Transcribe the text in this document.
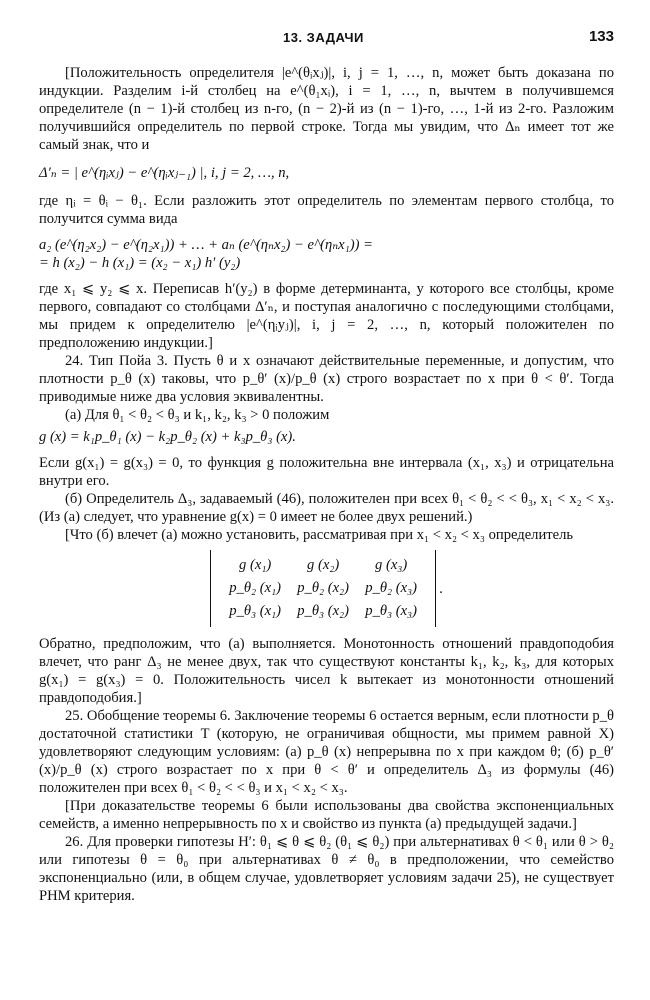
13. ЗАДАЧИ	133

[Положительность определителя |e^(θᵢxⱼ)|, i, j = 1, …, n, может быть доказана по индукции. Разделим i-й столбец на e^(θ₁xᵢ), i = 1, …, n, вычтем в получившемся определителе (n − 1)-й столбец из n-го, (n − 2)-й из (n − 1)-го, …, 1-й из 2-го. Разложим получившийся определитель по первой строке. Тогда мы увидим, что Δₙ имеет тот же самый знак, что и

Δ′ₙ = | e^(ηᵢxⱼ) − e^(ηᵢxⱼ₋₁) |, i, j = 2, …, n,

где ηᵢ = θᵢ − θ₁. Если разложить этот определитель по элементам первого столбца, то получится сумма вида

a₂ (e^(η₂x₂) − e^(η₂x₁)) + … + aₙ (e^(ηₙx₂) − e^(ηₙx₁)) =

= h (x₂) − h (x₁) = (x₂ − x₁) h′ (y₂)

где x₁ ⩽ y₂ ⩽ x. Переписав h′(y₂) в форме детерминанта, у которого все столбцы, кроме первого, совпадают со столбцами Δ′ₙ, и поступая аналогично с последующими столбцами, мы придем к определителю |e^(ηᵢyⱼ)|, i, j = 2, …, n, который положителен по предположению индукции.]

24. Тип Пойа 3. Пусть θ и x означают действительные переменные, и допустим, что плотности p_θ (x) таковы, что p_θ′ (x)/p_θ (x) строго возрастает по x при θ < θ′. Тогда приводимые ниже два условия эквивалентны.

(а) Для θ₁ < θ₂ < θ₃ и k₁, k₂, k₃ > 0 положим

g (x) = k₁p_θ₁ (x) − k₂p_θ₂ (x) + k₃p_θ₃ (x).

Если g(x₁) = g(x₃) = 0, то функция g положительна вне интервала (x₁, x₃) и отрицательна внутри его.

(б) Определитель Δ₃, задаваемый (46), положителен при всех θ₁ < θ₂ < < θ₃, x₁ < x₂ < x₃. (Из (а) следует, что уравнение g(x) = 0 имеет не более двух решений.)

[Что (б) влечет (а) можно установить, рассматривая при x₁ < x₂ < x₃ определитель

g (x₁)	g (x₂)	g (x₃)
p_θ₂ (x₁)	p_θ₂ (x₂)	p_θ₂ (x₃)
p_θ₃ (x₁)	p_θ₃ (x₂)	p_θ₃ (x₃)
.

Обратно, предположим, что (а) выполняется. Монотонность отношений правдоподобия влечет, что ранг Δ₃ не менее двух, так что существуют константы k₁, k₂, k₃, для которых g(x₁) = g(x₃) = 0. Положительность чисел k вытекает из монотонности отношений правдоподобия.]

25. Обобщение теоремы 6. Заключение теоремы 6 остается верным, если плотности p_θ достаточной статистики T (которую, не ограничивая общности, мы примем равной X) удовлетворяют следующим условиям: (а) p_θ (x) непрерывна по x при каждом θ; (б) p_θ′ (x)/p_θ (x) строго возрастает по x при θ < θ′ и определитель Δ₃ из формулы (46) положителен при всех θ₁ < θ₂ < < θ₃ и x₁ < x₂ < x₃.

[При доказательстве теоремы 6 были использованы два свойства экспоненциальных семейств, а именно непрерывность по x и свойство из пункта (а) предыдущей задачи.]

26. Для проверки гипотезы H′: θ₁ ⩽ θ ⩽ θ₂ (θ₁ ⩽ θ₂) при альтернативах θ < θ₁ или θ > θ₂ или гипотезы θ = θ₀ при альтернативах θ ≠ θ₀ в предположении, что семейство экспоненциально (или, в общем случае, удовлетворяет условиям задачи 25), не существует РНМ критерия.
